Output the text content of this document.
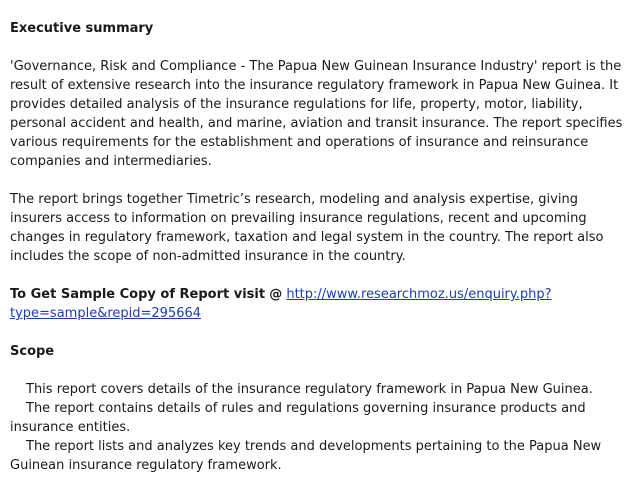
Executive summary

'Governance, Risk and Compliance - The Papua New Guinean Insurance Industry' report is the result of extensive research into the insurance regulatory framework in Papua New Guinea. It provides detailed analysis of the insurance regulations for life, property, motor, liability, personal accident and health, and marine, aviation and transit insurance. The report specifies various requirements for the establishment and operations of insurance and reinsurance companies and intermediaries.

The report brings together Timetric’s research, modeling and analysis expertise, giving insurers access to information on prevailing insurance regulations, recent and upcoming changes in regulatory framework, taxation and legal system in the country. The report also includes the scope of non-admitted insurance in the country.

To Get Sample Copy of Report visit @ http://www.researchmoz.us/enquiry.php?
type=sample&repid=295664

Scope

This report covers details of the insurance regulatory framework in Papua New Guinea.

The report contains details of rules and regulations governing insurance products and insurance entities.

The report lists and analyzes key trends and developments pertaining to the Papua New Guinean insurance regulatory framework.
